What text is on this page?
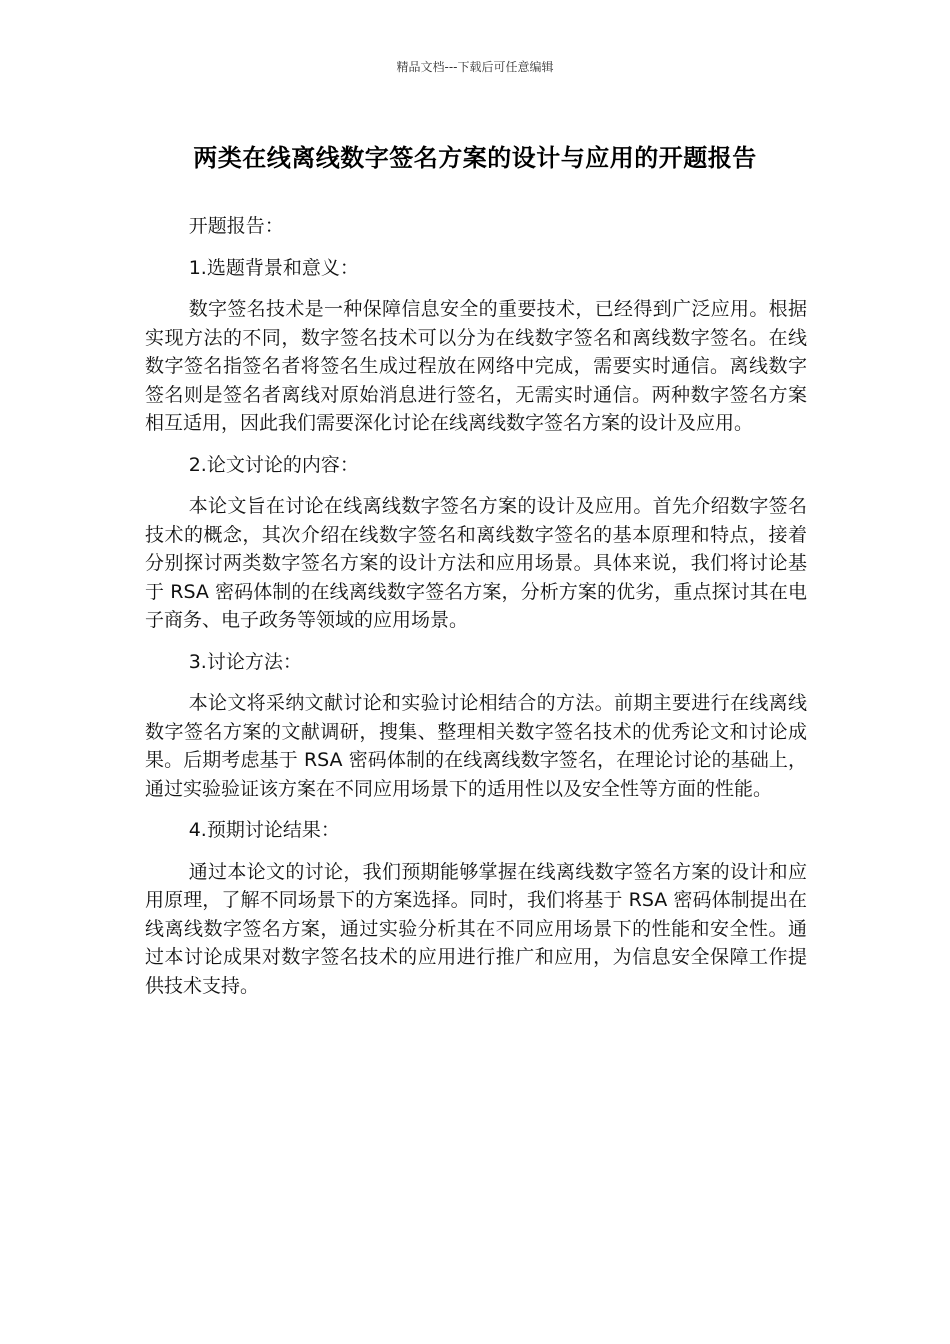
精品文档---下载后可任意编辑
两类在线离线数字签名方案的设计与应用的开题报告

开题报告：

1.选题背景和意义：

数字签名技术是一种保障信息安全的重要技术，已经得到广泛应用。根据实现方法的不同，数字签名技术可以分为在线数字签名和离线数字签名。在线数字签名指签名者将签名生成过程放在网络中完成，需要实时通信。离线数字签名则是签名者离线对原始消息进行签名，无需实时通信。两种数字签名方案相互适用，因此我们需要深化讨论在线离线数字签名方案的设计及应用。

2.论文讨论的内容：

本论文旨在讨论在线离线数字签名方案的设计及应用。首先介绍数字签名技术的概念，其次介绍在线数字签名和离线数字签名的基本原理和特点，接着分别探讨两类数字签名方案的设计方法和应用场景。具体来说，我们将讨论基于 RSA 密码体制的在线离线数字签名方案，分析方案的优劣，重点探讨其在电子商务、电子政务等领域的应用场景。

3.讨论方法：

本论文将采纳文献讨论和实验讨论相结合的方法。前期主要进行在线离线数字签名方案的文献调研，搜集、整理相关数字签名技术的优秀论文和讨论成果。后期考虑基于 RSA 密码体制的在线离线数字签名，在理论讨论的基础上，通过实验验证该方案在不同应用场景下的适用性以及安全性等方面的性能。

4.预期讨论结果：

通过本论文的讨论，我们预期能够掌握在线离线数字签名方案的设计和应用原理，了解不同场景下的方案选择。同时，我们将基于 RSA 密码体制提出在线离线数字签名方案，通过实验分析其在不同应用场景下的性能和安全性。通过本讨论成果对数字签名技术的应用进行推广和应用，为信息安全保障工作提供技术支持。
